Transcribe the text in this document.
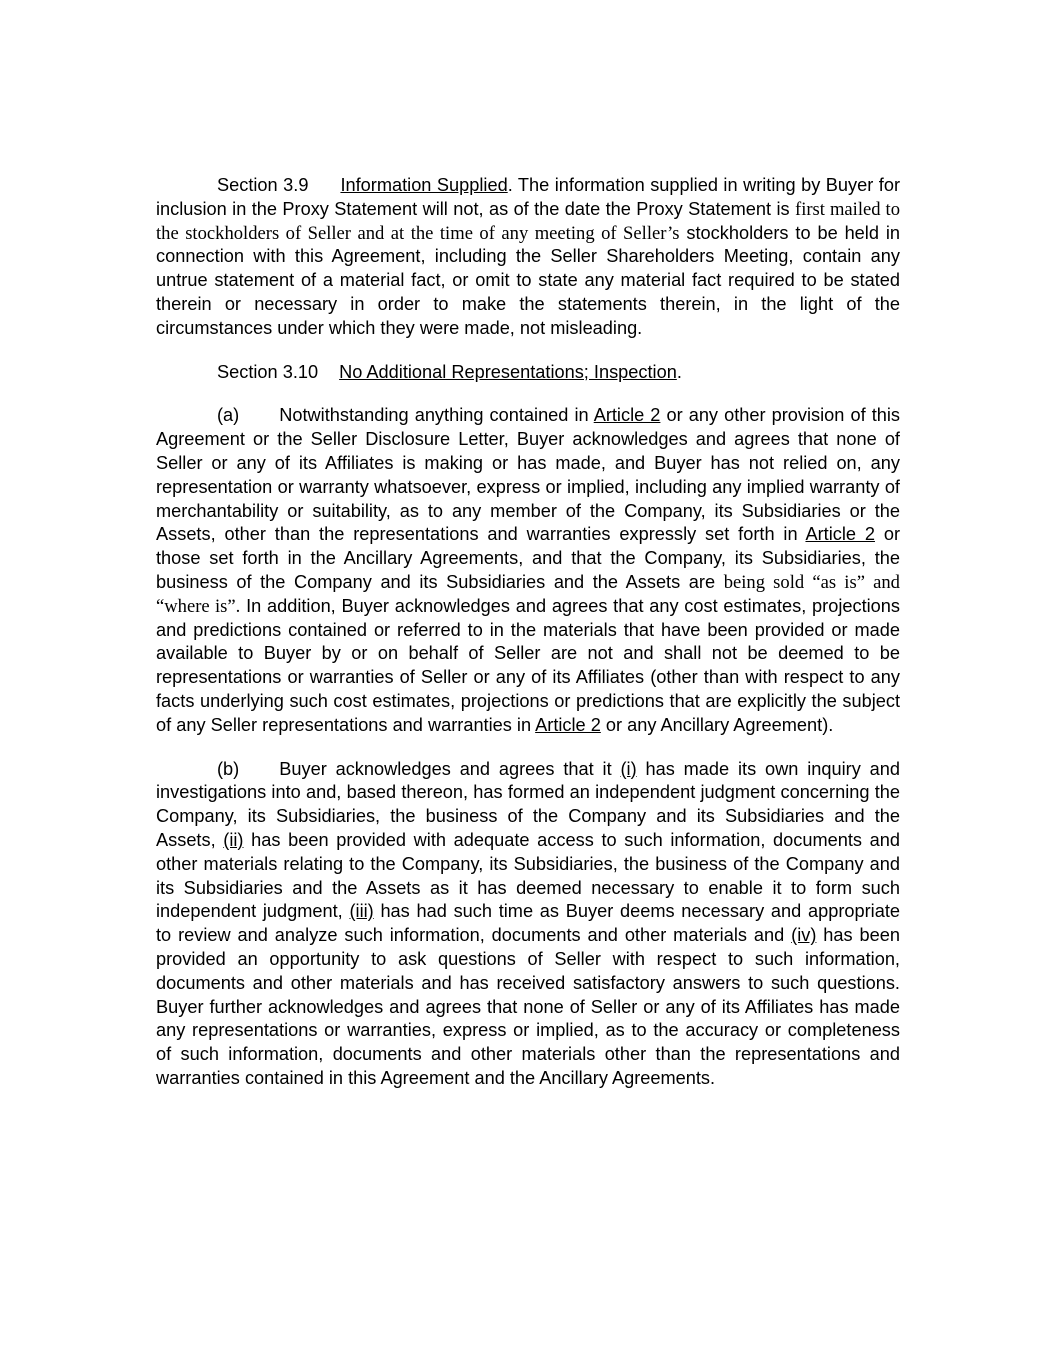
Section 3.9 Information Supplied. The information supplied in writing by Buyer for inclusion in the Proxy Statement will not, as of the date the Proxy Statement is first mailed to the stockholders of Seller and at the time of any meeting of Seller’s stockholders to be held in connection with this Agreement, including the Seller Shareholders Meeting, contain any untrue statement of a material fact, or omit to state any material fact required to be stated therein or necessary in order to make the statements therein, in the light of the circumstances under which they were made, not misleading.

Section 3.10 No Additional Representations; Inspection.

(a) Notwithstanding anything contained in Article 2 or any other provision of this Agreement or the Seller Disclosure Letter, Buyer acknowledges and agrees that none of Seller or any of its Affiliates is making or has made, and Buyer has not relied on, any representation or warranty whatsoever, express or implied, including any implied warranty of merchantability or suitability, as to any member of the Company, its Subsidiaries or the Assets, other than the representations and warranties expressly set forth in Article 2 or those set forth in the Ancillary Agreements, and that the Company, its Subsidiaries, the business of the Company and its Subsidiaries and the Assets are being sold “as is” and “where is”. In addition, Buyer acknowledges and agrees that any cost estimates, projections and predictions contained or referred to in the materials that have been provided or made available to Buyer by or on behalf of Seller are not and shall not be deemed to be representations or warranties of Seller or any of its Affiliates (other than with respect to any facts underlying such cost estimates, projections or predictions that are explicitly the subject of any Seller representations and warranties in Article 2 or any Ancillary Agreement).

(b) Buyer acknowledges and agrees that it (i) has made its own inquiry and investigations into and, based thereon, has formed an independent judgment concerning the Company, its Subsidiaries, the business of the Company and its Subsidiaries and the Assets, (ii) has been provided with adequate access to such information, documents and other materials relating to the Company, its Subsidiaries, the business of the Company and its Subsidiaries and the Assets as it has deemed necessary to enable it to form such independent judgment, (iii) has had such time as Buyer deems necessary and appropriate to review and analyze such information, documents and other materials and (iv) has been provided an opportunity to ask questions of Seller with respect to such information, documents and other materials and has received satisfactory answers to such questions. Buyer further acknowledges and agrees that none of Seller or any of its Affiliates has made any representations or warranties, express or implied, as to the accuracy or completeness of such information, documents and other materials other than the representations and warranties contained in this Agreement and the Ancillary Agreements.
